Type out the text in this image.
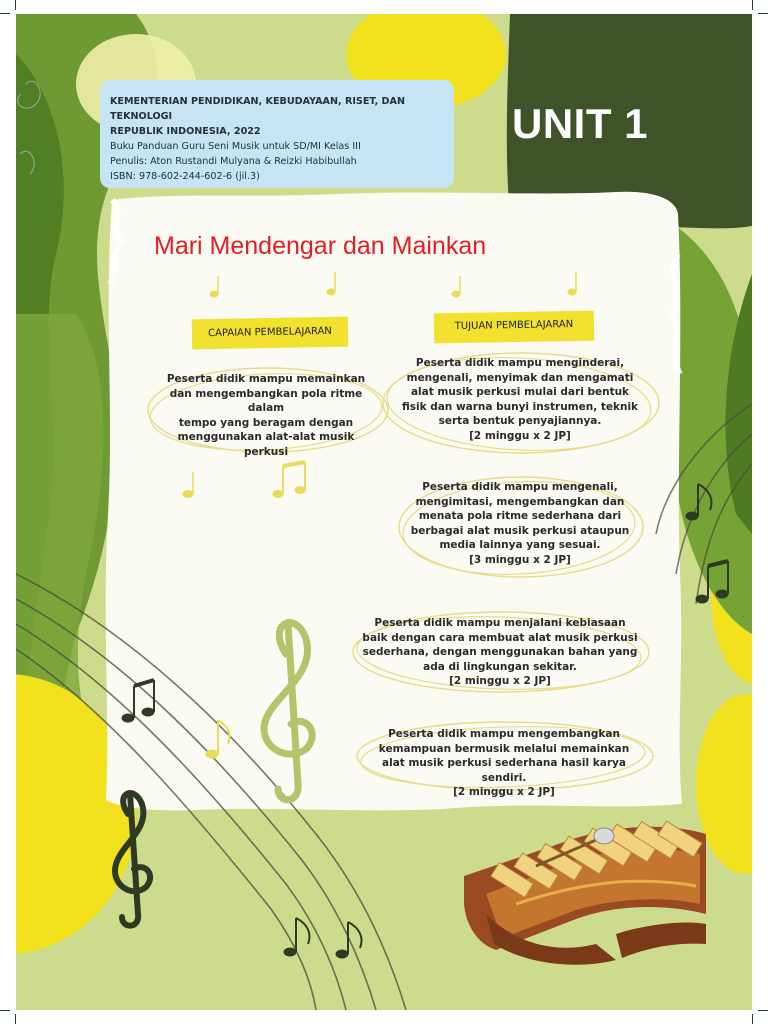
KEMENTERIAN PENDIDIKAN, KEBUDAYAAN, RISET, DAN TEKNOLOGI
REPUBLIK INDONESIA, 2022
Buku Panduan Guru Seni Musik untuk SD/MI Kelas III
Penulis: Aton Rustandi Mulyana & Reizki Habibullah
ISBN: 978-602-244-602-6 (jil.3)
UNIT 1
Mari Mendengar dan Mainkan
CAPAIAN PEMBELAJARAN
TUJUAN PEMBELAJARAN
Peserta didik mampu memainkan
dan mengembangkan pola ritme dalam
tempo yang beragam dengan
menggunakan alat-alat musik perkusi
Peserta didik mampu menginderai,
mengenali, menyimak dan mengamati
alat musik perkusi mulai dari bentuk
fisik dan warna bunyi instrumen, teknik
serta bentuk penyajiannya.
[2 minggu x 2 JP]
Peserta didik mampu mengenali,
mengimitasi, mengembangkan dan
menata pola ritme sederhana dari
berbagai alat musik perkusi ataupun
media lainnya yang sesuai.
[3 minggu x 2 JP]
Peserta didik mampu menjalani kebiasaan
baik dengan cara membuat alat musik perkusi
sederhana, dengan menggunakan bahan yang
ada di lingkungan sekitar.
[2 minggu x 2 JP]
Peserta didik mampu mengembangkan
kemampuan bermusik melalui memainkan
alat musik perkusi sederhana hasil karya sendiri.
[2 minggu x 2 JP]
